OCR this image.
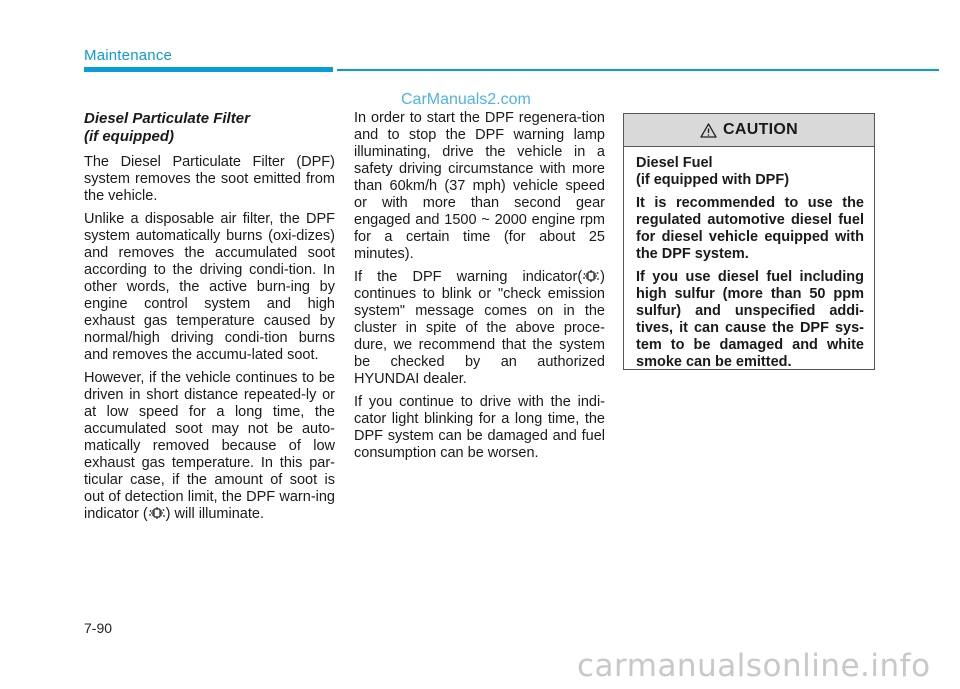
Maintenance
CarManuals2.com
Diesel Particulate Filter
(if equipped)

The Diesel Particulate Filter (DPF) system removes the soot emitted from the vehicle.

Unlike a disposable air filter, the DPF system automatically burns (oxi-dizes) and removes the accumulated soot according to the driving condi-tion. In other words, the active burn-ing by engine control system and high exhaust gas temperature caused by normal/high driving condi-tion burns and removes the accumu-lated soot.

However, if the vehicle continues to be driven in short distance repeated-ly or at low speed for a long time, the accumulated soot may not be auto-matically removed because of low exhaust gas temperature. In this par-ticular case, if the amount of soot is out of detection limit, the DPF warn-ing indicator ( ) will illuminate.

In order to start the DPF regenera-tion and to stop the DPF warning lamp illuminating, drive the vehicle in a safety driving circumstance with more than 60km/h (37 mph) vehicle speed or with more than second gear engaged and 1500 ~ 2000 engine rpm for a certain time (for about 25 minutes).

If the DPF warning indicator( ) continues to blink or "check emission system" message comes on in the cluster in spite of the above proce-dure, we recommend that the system be checked by an authorized HYUNDAI dealer.

If you continue to drive with the indi-cator light blinking for a long time, the DPF system can be damaged and fuel consumption can be worsen.

CAUTION
Diesel Fuel
(if equipped with DPF)

It is recommended to use the regulated automotive diesel fuel for diesel vehicle equipped with the DPF system.

If you use diesel fuel including high sulfur (more than 50 ppm sulfur) and unspecified addi-tives, it can cause the DPF sys-tem to be damaged and white smoke can be emitted.

7-90
carmanualsonline.info
